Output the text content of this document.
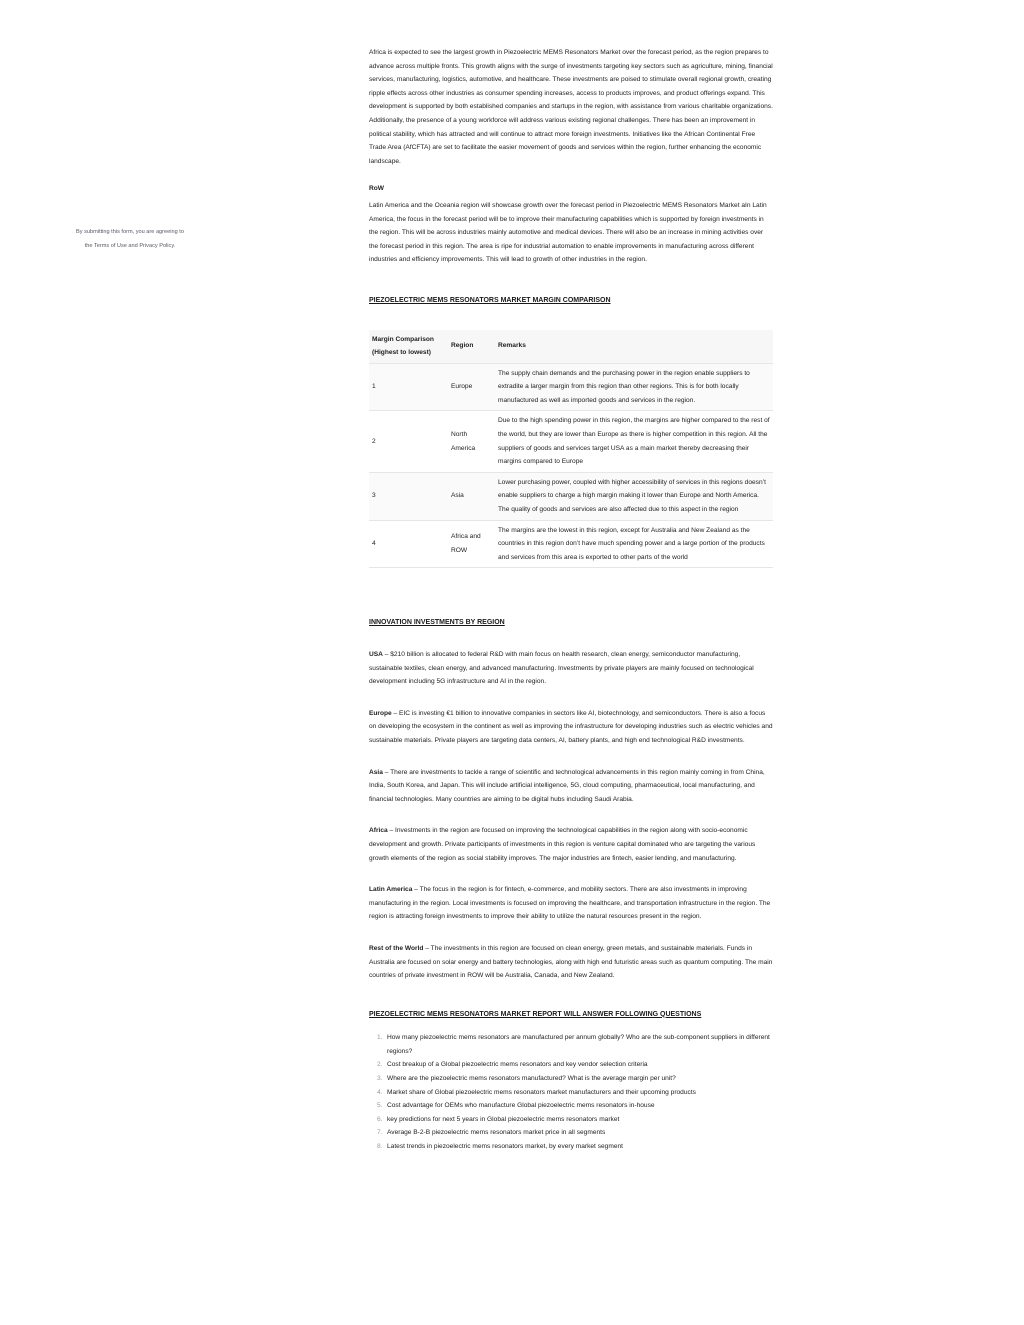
By submitting this form, you are agreeing to
the Terms of Use and Privacy Policy.

Africa is expected to see the largest growth in Piezoelectric MEMS Resonators Market over the forecast period, as the region prepares to advance across multiple fronts. This growth aligns with the surge of investments targeting key sectors such as agriculture, mining, financial services, manufacturing, logistics, automotive, and healthcare. These investments are poised to stimulate overall regional growth, creating ripple effects across other industries as consumer spending increases, access to products improves, and product offerings expand. This development is supported by both established companies and startups in the region, with assistance from various charitable organizations. Additionally, the presence of a young workforce will address various existing regional challenges. There has been an improvement in political stability, which has attracted and will continue to attract more foreign investments. Initiatives like the African Continental Free Trade Area (AfCFTA) are set to facilitate the easier movement of goods and services within the region, further enhancing the economic landscape.

RoW

Latin America and the Oceania region will showcase growth over the forecast period in Piezoelectric MEMS Resonators Market aIn Latin America, the focus in the forecast period will be to improve their manufacturing capabilities which is supported by foreign investments in the region. This will be across industries mainly automotive and medical devices. There will also be an increase in mining activities over the forecast period in this region. The area is ripe for industrial automation to enable improvements in manufacturing across different industries and efficiency improvements. This will lead to growth of other industries in the region.

PIEZOELECTRIC MEMS RESONATORS MARKET MARGIN COMPARISON

Margin Comparison (Highest to lowest)	Region	Remarks
1	Europe	The supply chain demands and the purchasing power in the region enable suppliers to extradite a larger margin from this region than other regions. This is for both locally manufactured as well as imported goods and services in the region.
2	North America	Due to the high spending power in this region, the margins are higher compared to the rest of the world, but they are lower than Europe as there is higher competition in this region. All the suppliers of goods and services target USA as a main market thereby decreasing their margins compared to Europe
3	Asia	Lower purchasing power, coupled with higher accessibility of services in this regions doesn’t enable suppliers to charge a high margin making it lower than Europe and North America. The quality of goods and services are also affected due to this aspect in the region
4	Africa and ROW	The margins are the lowest in this region, except for Australia and New Zealand as the countries in this region don’t have much spending power and a large portion of the products and services from this area is exported to other parts of the world

INNOVATION INVESTMENTS BY REGION

USA – $210 billion is allocated to federal R&D with main focus on health research, clean energy, semiconductor manufacturing, sustainable textiles, clean energy, and advanced manufacturing. Investments by private players are mainly focused on technological development including 5G infrastructure and AI in the region.

Europe – EIC is investing €1 billion to innovative companies in sectors like AI, biotechnology, and semiconductors. There is also a focus on developing the ecosystem in the continent as well as improving the infrastructure for developing industries such as electric vehicles and sustainable materials. Private players are targeting data centers, AI, battery plants, and high end technological R&D investments.

Asia – There are investments to tackle a range of scientific and technological advancements in this region mainly coming in from China, India, South Korea, and Japan. This will include artificial intelligence, 5G, cloud computing, pharmaceutical, local manufacturing, and financial technologies. Many countries are aiming to be digital hubs including Saudi Arabia.

Africa – Investments in the region are focused on improving the technological capabilities in the region along with socio-economic development and growth. Private participants of investments in this region is venture capital dominated who are targeting the various growth elements of the region as social stability improves. The major industries are fintech, easier lending, and manufacturing.

Latin America – The focus in the region is for fintech, e-commerce, and mobility sectors. There are also investments in improving manufacturing in the region. Local investments is focused on improving the healthcare, and transportation infrastructure in the region. The region is attracting foreign investments to improve their ability to utilize the natural resources present in the region.

Rest of the World – The investments in this region are focused on clean energy, green metals, and sustainable materials. Funds in Australia are focused on solar energy and battery technologies, along with high end futuristic areas such as quantum computing. The main countries of private investment in ROW will be Australia, Canada, and New Zealand.

PIEZOELECTRIC MEMS RESONATORS MARKET REPORT WILL ANSWER FOLLOWING QUESTIONS

How many piezoelectric mems resonators are manufactured per annum globally? Who are the sub-component suppliers in different regions?
Cost breakup of a Global piezoelectric mems resonators and key vendor selection criteria
Where are the piezoelectric mems resonators manufactured? What is the average margin per unit?
Market share of Global piezoelectric mems resonators market manufacturers and their upcoming products
Cost advantage for OEMs who manufacture Global piezoelectric mems resonators in-house
key predictions for next 5 years in Global piezoelectric mems resonators market
Average B-2-B piezoelectric mems resonators market price in all segments
Latest trends in piezoelectric mems resonators market, by every market segment
